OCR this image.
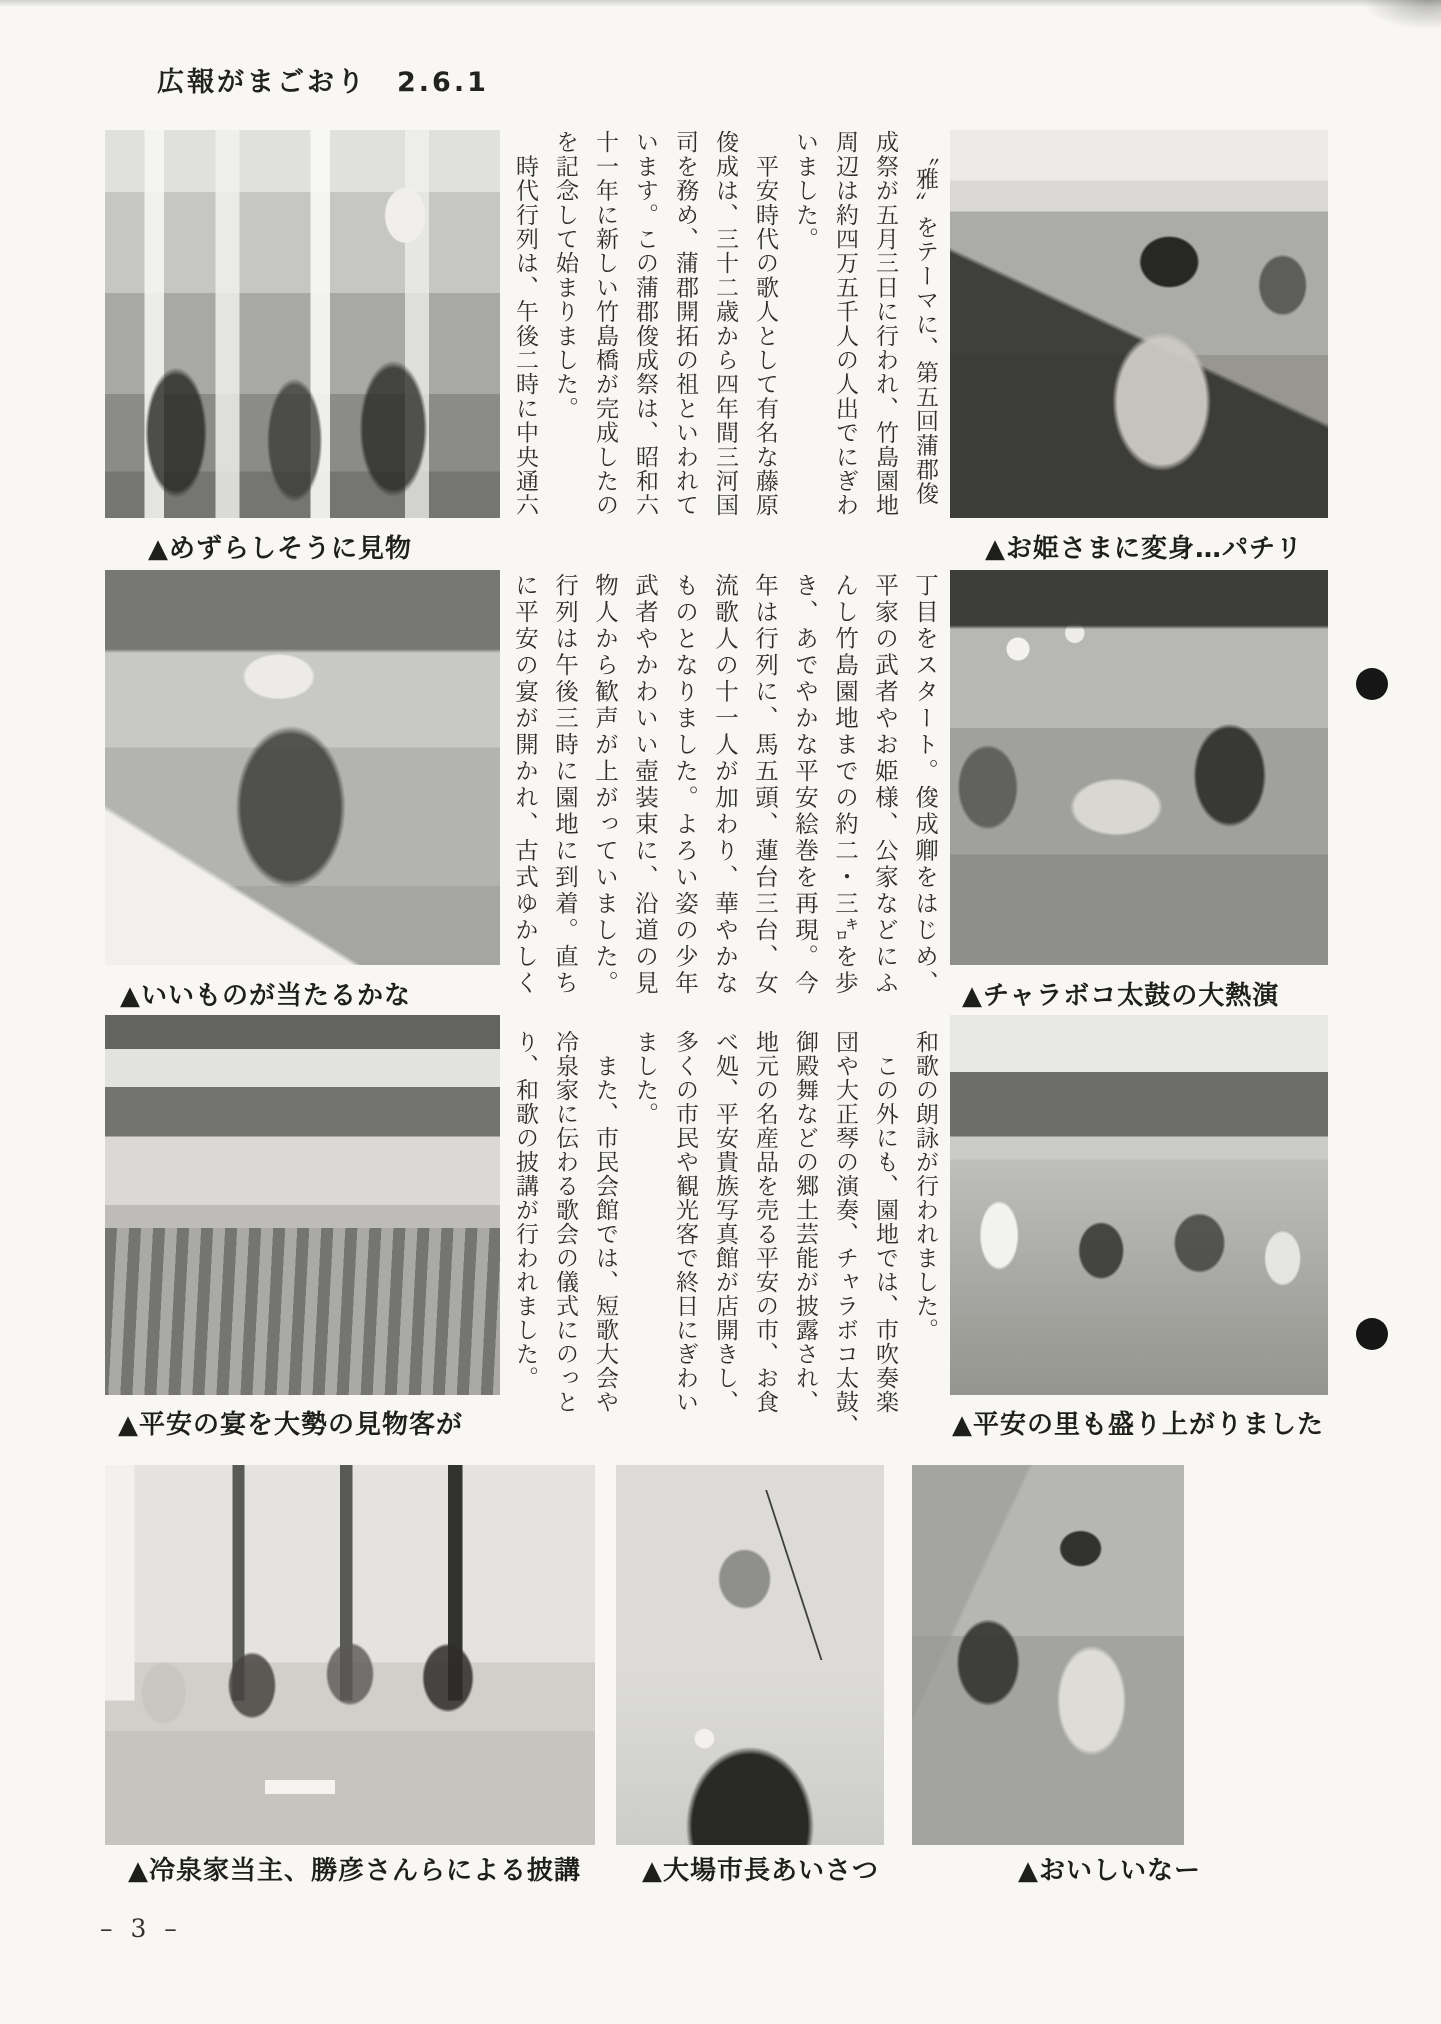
広報がまごおり　2.6.1
　〝雅〟をテーマに、第五回蒲郡俊
成祭が五月三日に行われ、竹島園地
周辺は約四万五千人の人出でにぎわ
いました。
　平安時代の歌人として有名な藤原
俊成は、三十二歳から四年間三河国
司を務め、蒲郡開拓の祖といわれて
います。この蒲郡俊成祭は、昭和六
十一年に新しい竹島橋が完成したの
を記念して始まりました。
　時代行列は、午後二時に中央通六
▲めずらしそうに見物	▲お姫さまに変身…パチリ
丁目をスタート。俊成卿をはじめ、
平家の武者やお姫様、公家などにふ
んし竹島園地までの約二・三㌔を歩
き、あでやかな平安絵巻を再現。今
年は行列に、馬五頭、蓮台三台、女
流歌人の十一人が加わり、華やかな
ものとなりました。よろい姿の少年
武者やかわいい壺装束に、沿道の見
物人から歓声が上がっていました。
行列は午後三時に園地に到着。直ち
に平安の宴が開かれ、古式ゆかしく
▲いいものが当たるかな	▲チャラボコ太鼓の大熱演
和歌の朗詠が行われました。
　この外にも、園地では、市吹奏楽
団や大正琴の演奏、チャラボコ太鼓、
御殿舞などの郷土芸能が披露され、
地元の名産品を売る平安の市、お食
べ処、平安貴族写真館が店開きし、
多くの市民や観光客で終日にぎわい
ました。
　また、市民会館では、短歌大会や
冷泉家に伝わる歌会の儀式にのっと
り、和歌の披講が行われました。
▲平安の宴を大勢の見物客が	▲平安の里も盛り上がりました
▲冷泉家当主、勝彦さんらによる披講 ▲大場市長あいさつ	▲おいしいなー
– 3 –
